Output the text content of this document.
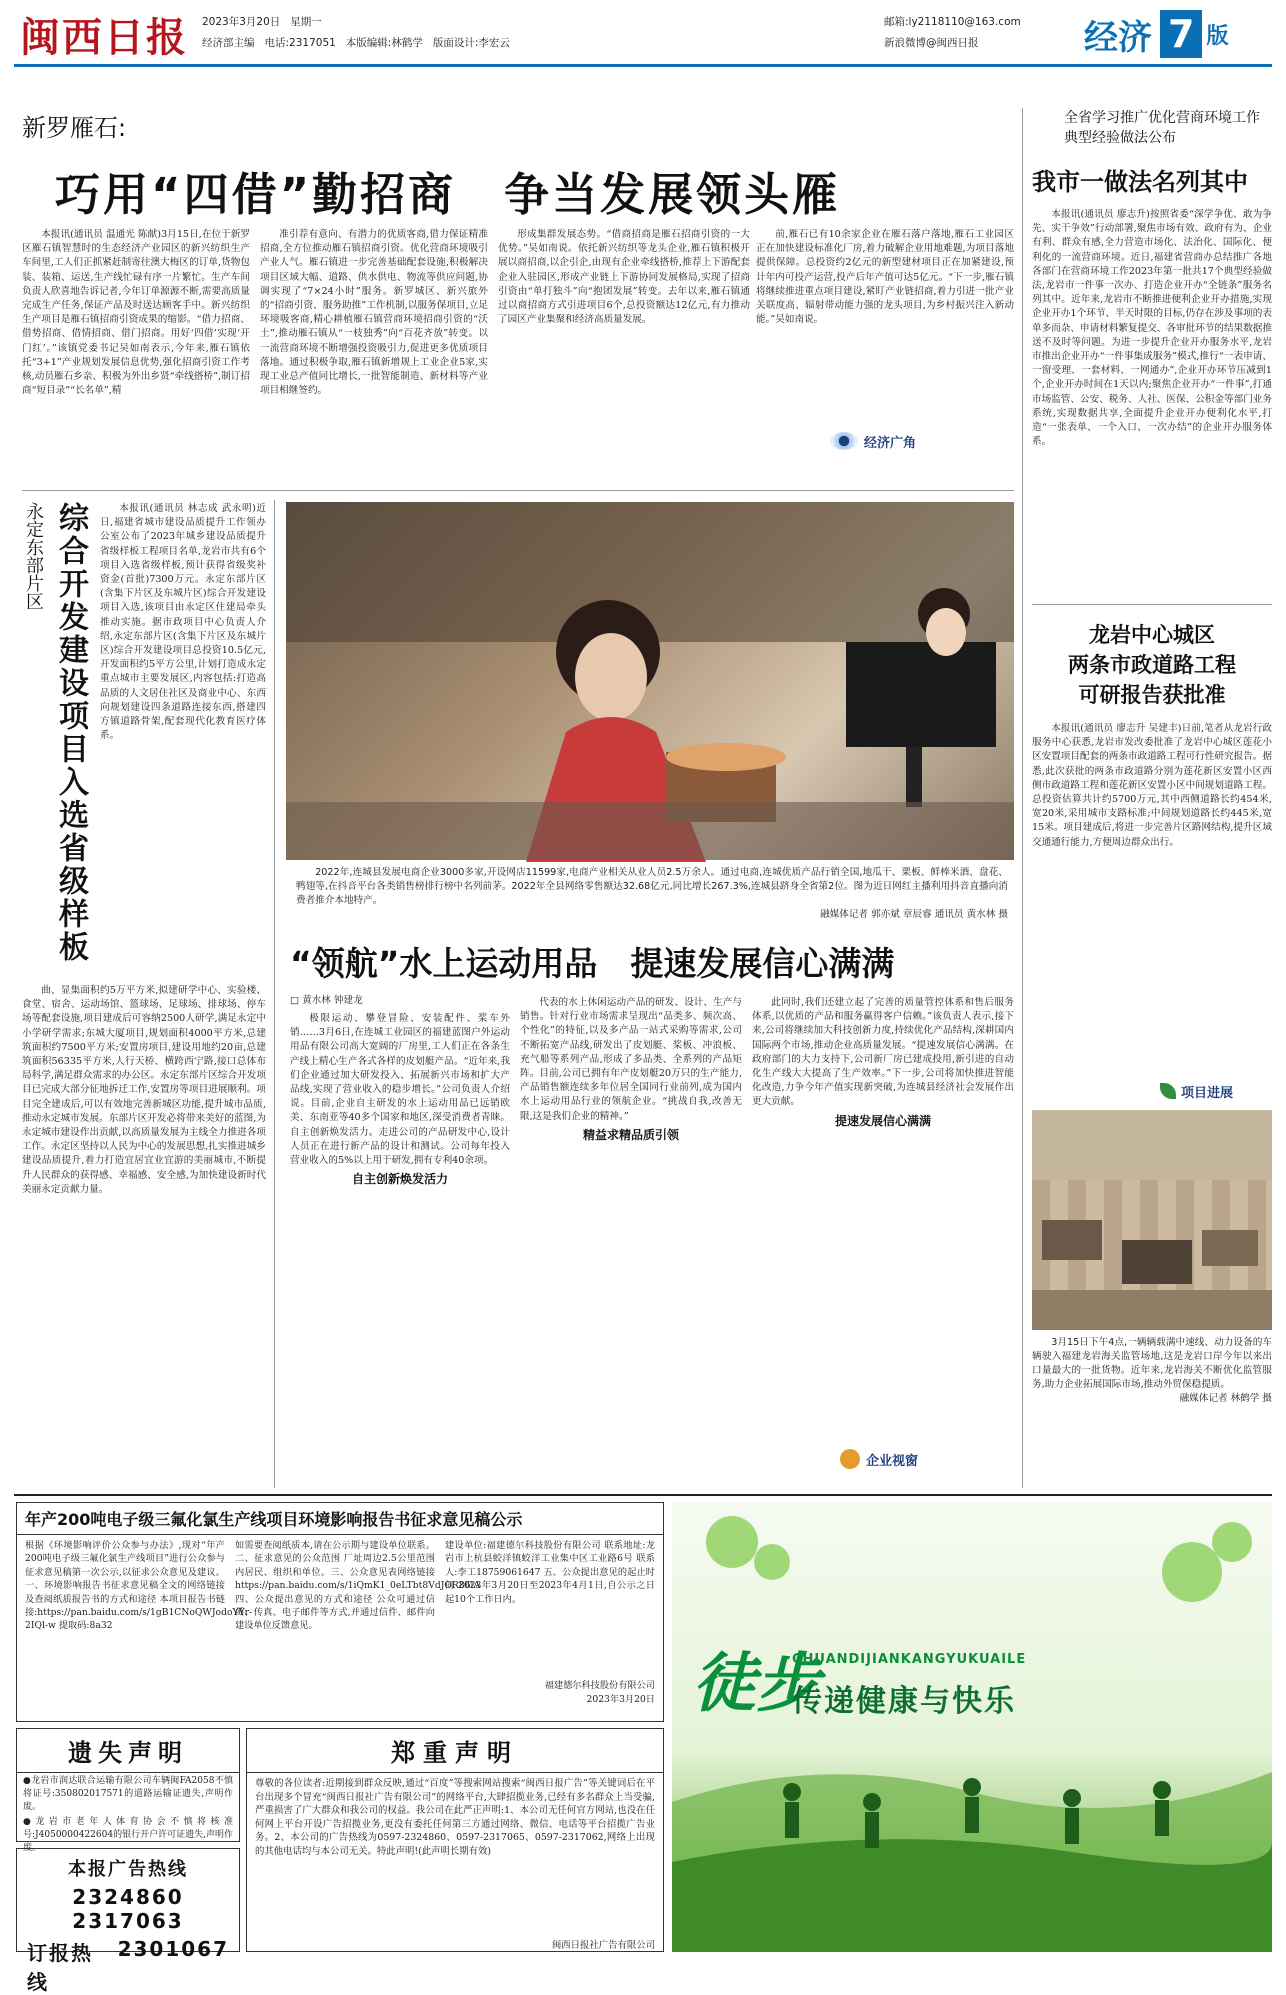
闽西日报 2023年3月20日 星期一
经济部主编 电话:2317051 本版编辑:林鹤学 版面设计:李宏云
邮箱:ly2118110@163.com
新浪微博@闽西日报	经济 7 版
新罗雁石:
巧用“四借”勤招商　争当发展领头雁

本报讯(通讯员 温通光 陈献)3月15日,在位于新罗区雁石镇智慧时的生态经济产业园区的新兴纺织生产车间里,工人们正抓紧赶制寄往澳大梅区的订单,货物包装、装箱、运送,生产线忙碌有序一片繁忙。生产车间负责人欣喜地告诉记者,今年订单源源不断,需要高质量完成生产任务,保证产品及时送达顾客手中。新兴纺织生产项目是雁石镇招商引资成果的缩影。“借力招商、借势招商、借情招商、借门招商。用好‘四借’实现‘开门红’。”该镇党委书记吴如南表示,今年来,雁石镇依托“3+1”产业规划发展信息优势,强化招商引资工作考核,动员雁石乡亲、积极为外出乡贤“牵线搭桥”,制订招商“短目录”“长名单”,精

准引荐有意向、有潜力的优质客商,借力保证精准招商,全方位推动雁石镇招商引资。优化营商环境吸引产业人气。雁石镇进一步完善基础配套设施,积极解决项目区域大幅、道路、供水供电、物流等供应问题,协调实现了“7×24小时”服务。新罗城区、新兴旅外的“招商引资、服务助推”工作机制,以服务保项目,立足环境吸客商,精心耕植雁石镇营商环境招商引资的“沃土”,推动雁石镇从“一枝独秀”向“百花齐放”转变。以一流营商环境不断增强投资吸引力,促进更多优质项目落地。通过积极争取,雁石镇新增规上工业企业5家,实现工业总产值同比增长,一批智能制造、新材料等产业项目相继签约。

形成集群发展态势。“借商招商是雁石招商引资的一大优势。”吴如南说。依托新兴纺织等龙头企业,雁石镇积极开展以商招商,以企引企,由现有企业牵线搭桥,推荐上下游配套企业入驻园区,形成产业链上下游协同发展格局,实现了招商引资由“单打独斗”向“抱团发展”转变。去年以来,雁石镇通过以商招商方式引进项目6个,总投资额达12亿元,有力推动了园区产业集聚和经济高质量发展。

前,雁石已有10余家企业在雁石落户落地,雁石工业园区正在加快建设标准化厂房,着力破解企业用地难题,为项目落地提供保障。总投资约2亿元的新型建材项目正在加紧建设,预计年内可投产运营,投产后年产值可达5亿元。“下一步,雁石镇将继续推进重点项目建设,紧盯产业链招商,着力引进一批产业关联度高、辐射带动能力强的龙头项目,为乡村振兴注入新动能。”吴如南说。

经济广角
全省学习推广优化营商环境工作典型经验做法公布
我市一做法名列其中

本报讯(通讯员 廖志升)按照省委“深学争优、敢为争先、实干争效”行动部署,聚焦市场有效、政府有为、企业有利、群众有感,全力营造市场化、法治化、国际化、便利化的一流营商环境。近日,福建省营商办总结推广各地各部门在营商环境工作2023年第一批共17个典型经验做法,龙岩市一件事一次办、打造企业开办“全链条”服务名列其中。近年来,龙岩市不断推进便利企业开办措施,实现企业开办1个环节、半天时限的目标,仍存在涉及事项的表单多而杂、申请材料繁复提交、各审批环节的结果数据推送不及时等问题。为进一步提升企业开办服务水平,龙岩市推出企业开办“一件事集成服务”模式,推行“一表申请、一窗受理、一套材料、一网通办”,企业开办环节压减到1个,企业开办时间在1天以内;聚焦企业开办“一件事”,打通市场监管、公安、税务、人社、医保、公积金等部门业务系统,实现数据共享,全面提升企业开办便利化水平,打造“一张表单、一个入口、一次办结”的企业开办服务体系。

永定东部片区 综合开发建设项目入选省级样板	本报讯(通讯员 林志成 武永明)近日,福建省城市建设品质提升工作领办公室公布了2023年城乡建设品质提升省级样板工程项目名单,龙岩市共有6个项目入选省级样板,预计获得省级奖补资金(首批)7300万元。永定东部片区(含集下片区及东城片区)综合开发建设项目入选,该项目由永定区住建局牵头推动实施。据市政项目中心负责人介绍,永定东部片区(含集下片区及东城片区)综合开发建设项目总投资10.5亿元,开发面积约5平方公里,计划打造成永定重点城市主要发展区,内容包括:打造高品质的人文居住社区及商业中心、东西向规划建设四条道路连接东西,搭建四方镇道路骨架,配套现代化教育医疗体系。

曲、显集面积约5万平方米,拟建研学中心、实验楼、食堂、宿舍、运动场馆、篮球场、足球场、排球场、停车场等配套设施,项目建成后可容纳2500人研学,满足永定中小学研学需求;东城大厦项目,规划面积4000平方米,总建筑面积约7500平方米;安置房项目,建设用地约20亩,总建筑面积56335平方米,人行天桥、横跨西宁路,接口总体布局科学,满足群众需求的办公区。永定东部片区综合开发项目已完成大部分征地拆迁工作,安置房等项目进展顺利。项目完全建成后,可以有效地完善新城区功能,提升城市品质,推动永定城市发展。东部片区开发必将带来美好的蓝图,为永定城市建设作出贡献,以高质量发展为主线全力推进各项工作。永定区坚持以人民为中心的发展思想,扎实推进城乡建设品质提升,着力打造宜居宜业宜游的美丽城市,不断提升人民群众的获得感、幸福感、安全感,为加快建设新时代美丽永定贡献力量。

2022年,连城县发展电商企业3000多家,开设网店11599家,电商产业相关从业人员2.5万余人。通过电商,连城优质产品行销全国,地瓜干、栗板、鲜棒米酒、盘花、鸭翅等,在抖音平台各类销售榜排行榜中名列前茅。2022年全县网络零售额达32.68亿元,同比增长267.3%,连城县跻身全省第2位。图为近日网红主播利用抖音直播向消费者推介本地特产。
融媒体记者 郭亦斌 章辰睿 通讯员 黄水林 摄
“领航”水上运动用品　提速发展信心满满
□ 黄水林 钟建龙

极限运动、攀登冒险、安装配件、桨车外销……3月6日,在连城工业园区的福建蓝图户外运动用品有限公司高大宽阔的厂房里,工人们正在各条生产线上精心生产各式各样的皮划艇产品。“近年来,我们企业通过加大研发投入、拓展新兴市场和扩大产品线,实现了营业收入的稳步增长。”公司负责人介绍说。目前,企业自主研发的水上运动用品已远销欧美、东南亚等40多个国家和地区,深受消费者青睐。自主创新焕发活力。走进公司的产品研发中心,设计人员正在进行新产品的设计和测试。公司每年投入营业收入的5%以上用于研发,拥有专利40余项。

自主创新焕发活力

代表的水上休闲运动产品的研发、设计、生产与销售。针对行业市场需求呈现出“品类多、频次高、个性化”的特征,以及多产品一站式采购等需求,公司不断拓宽产品线,研发出了皮划艇、桨板、冲浪板、充气船等系列产品,形成了多品类、全系列的产品矩阵。目前,公司已拥有年产皮划艇20万只的生产能力,产品销售额连续多年位居全国同行业前列,成为国内水上运动用品行业的领航企业。“挑战自我,改善无限,这是我们企业的精神。”

精益求精品质引领

此同时,我们还建立起了完善的质量管控体系和售后服务体系,以优质的产品和服务赢得客户信赖。”该负责人表示,接下来,公司将继续加大科技创新力度,持续优化产品结构,深耕国内国际两个市场,推动企业高质量发展。“提速发展信心满满。在政府部门的大力支持下,公司新厂房已建成投用,新引进的自动化生产线大大提高了生产效率。”下一步,公司将加快推进智能化改造,力争今年产值实现新突破,为连城县经济社会发展作出更大贡献。

提速发展信心满满
企业视窗
龙岩中心城区
两条市政道路工程
可研报告获批准

本报讯(通讯员 廖志升 吴建丰)日前,笔者从龙岩行政服务中心获悉,龙岩市发改委批准了龙岩中心城区莲花小区安置项目配套的两条市政道路工程可行性研究报告。据悉,此次获批的两条市政道路分别为莲花新区安置小区西侧市政道路工程和莲花新区安置小区中间规划道路工程。总投资估算共计约5700万元,其中西侧道路长约454米,宽20米,采用城市支路标准;中间规划道路长约445米,宽15米。项目建成后,将进一步完善片区路网结构,提升区域交通通行能力,方便周边群众出行。

项目进展
3月15日下午4点,一辆辆载满中速线、动力设备的车辆驶入福建龙岩海关监管场地,这是龙岩口岸今年以来出口量最大的一批货物。近年来,龙岩海关不断优化监管服务,助力企业拓展国际市场,推动外贸保稳提质。
融媒体记者 林鹤学 摄
年产200吨电子级三氟化氯生产线项目环境影响报告书征求意见稿公示
根据《环境影响评价公众参与办法》,现对“年产200吨电子级三氟化氯生产线项目”进行公众参与征求意见稿第一次公示,以征求公众意见及建议。一、环境影响报告书征求意见稿全文的网络链接及查阅纸质报告书的方式和途径 本项目报告书链接:https://pan.baidu.com/s/1gB1CNoQWJodoYYr-2IQl-w 提取码:8a32
如需要查阅纸质本,请在公示期与建设单位联系。二、征求意见的公众范围 厂址周边2.5公里范围内居民、组织和单位。三、公众意见表网络链接 https://pan.baidu.com/s/1iQmK1_0eLTbt8VdJOR86lA 四、公众提出意见的方式和途径 公众可通过信函、传真、电子邮件等方式,并通过信件、邮件向建设单位反馈意见。
建设单位:福建德尔科技股份有限公司 联系地址:龙岩市上杭县蛟洋镇蛟洋工业集中区工业路6号 联系人:李工18759061647 五、公众提出意见的起止时间 2023年3月20日至2023年4月1日,自公示之日起10个工作日内。
福建德尔科技股份有限公司
2023年3月20日 徒步
CHUANDIJIANKANGYUKUAILE
传递健康与快乐
遗失声明
●龙岩市润达联合运输有限公司车辆闽FA2058不慎将证号:350802017571的道路运输证遗失,声明作废。
●龙岩市老年人体育协会不慎将核准号:J4050000422604的银行开户许可证遗失,声明作废。
本报广告热线
2324860 2317063
订报热线
2301067
郑重声明
尊敬的各位读者:近期接到群众反映,通过“百度”等搜索网站搜索“闽西日报广告”等关键词后在平台出现多个冒充“闽西日报社广告有限公司”的网络平台,大肆招揽业务,已经有多名群众上当受骗,严重损害了广大群众和我公司的权益。我公司在此严正声明:1、本公司无任何官方网站,也没在任何网上平台开设广告招揽业务,更没有委托任何第三方通过网络、微信、电话等平台招揽广告业务。2、本公司的广告热线为0597-2324860、0597-2317065、0597-2317062,网络上出现的其他电话均与本公司无关。特此声明!(此声明长期有效)
闽西日报社广告有限公司
